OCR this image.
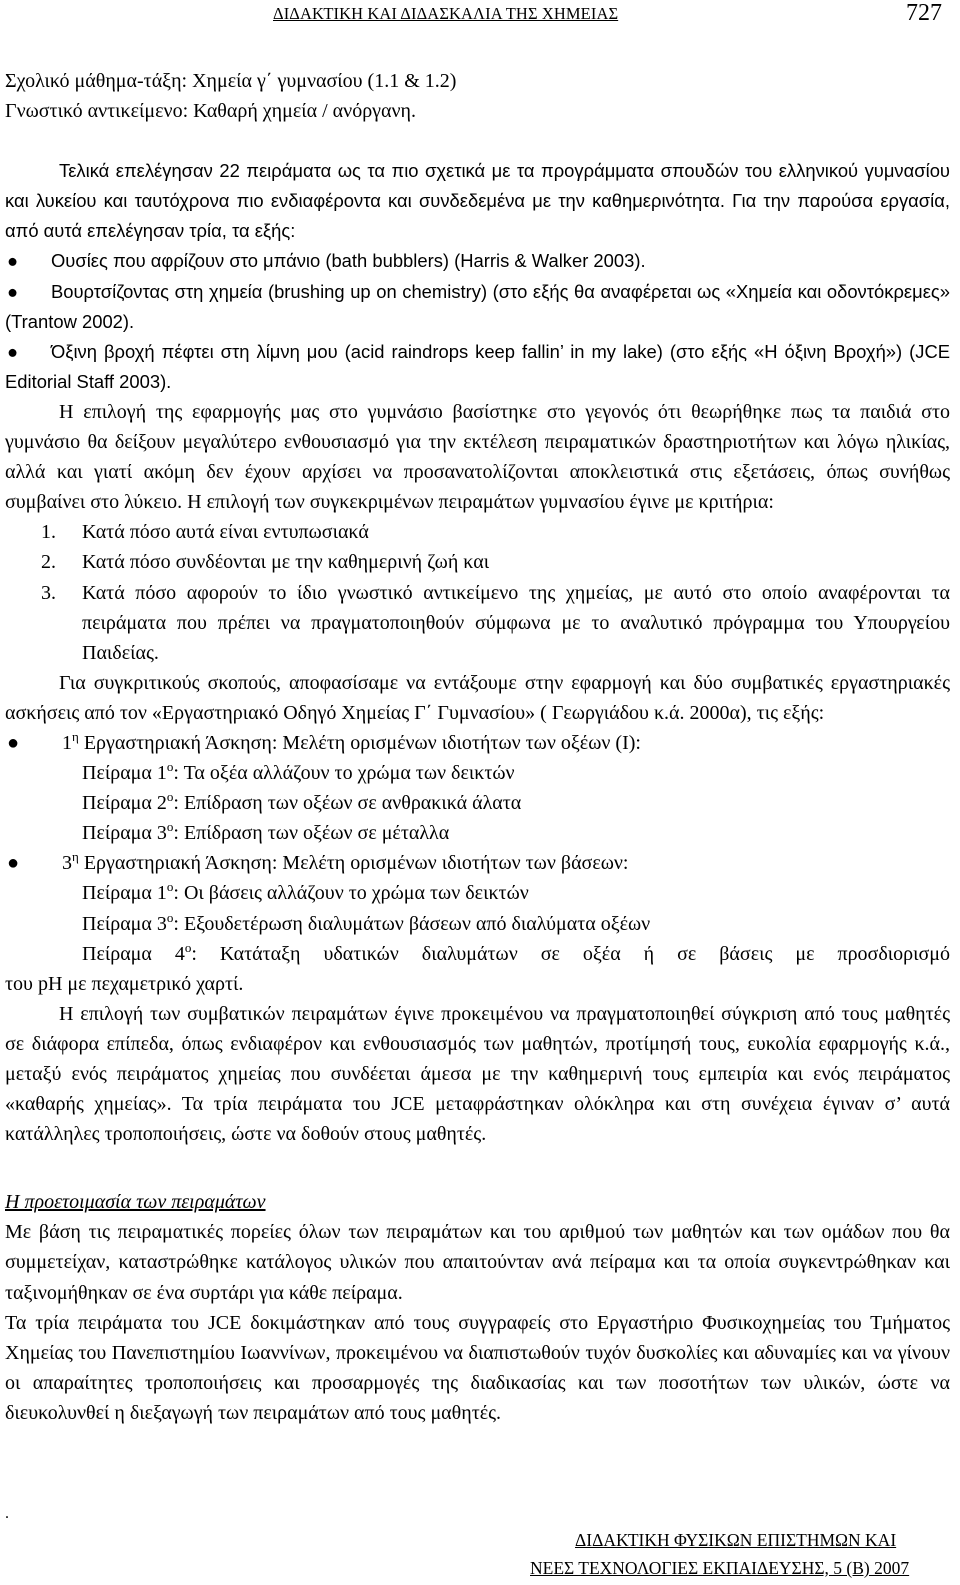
ΔΙΔΑΚΤΙΚΗ ΚΑΙ ΔΙΔΑΣΚΑΛΙΑ ΤΗΣ ΧΗΜΕΙΑΣ	727

Σχολικό μάθημα-τάξη: Χημεία γ΄ γυμνασίου (1.1 & 1.2)

Γνωστικό αντικείμενο: Καθαρή χημεία / ανόργανη.

Τελικά επελέγησαν 22 πειράματα ως τα πιο σχετικά με τα προγράμματα σπουδών του ελληνικού γυμνασίου και λυκείου και ταυτόχρονα πιο ενδιαφέροντα και συνδεδεμένα με την καθημερινότητα. Για την παρούσα εργασία, από αυτά επελέγησαν τρία, τα εξής:

● Ουσίες που αφρίζουν στο μπάνιο (bath bubblers) (Harris & Walker 2003).

●	Βουρτσίζοντας στη χημεία (brushing up on chemistry) (στο εξής θα αναφέρεται ως «Χημεία και οδοντόκρεμες» (Trantow 2002).

●	Όξινη βροχή πέφτει στη λίμνη μου (acid raindrops keep fallin’ in my lake) (στο εξής «Η όξινη Βροχή») (JCE Editorial Staff 2003).

Η επιλογή της εφαρμογής μας στο γυμνάσιο βασίστηκε στο γεγονός ότι θεωρήθηκε πως τα παιδιά στο γυμνάσιο θα δείξουν μεγαλύτερο ενθουσιασμό για την εκτέλεση πειραματικών δραστηριοτήτων και λόγω ηλικίας, αλλά και γιατί ακόμη δεν έχουν αρχίσει να προσανατολίζονται αποκλειστικά στις εξετάσεις, όπως συνήθως συμβαίνει στο λύκειο. Η επιλογή των συγκεκριμένων πειραμάτων γυμνασίου έγινε με κριτήρια:

1. Κατά πόσο αυτά είναι εντυπωσιακά

2. Κατά πόσο συνδέονται με την καθημερινή ζωή και

3. Κατά πόσο αφορούν το ίδιο γνωστικό αντικείμενο της χημείας, με αυτό στο οποίο αναφέρονται τα πειράματα που πρέπει να πραγματοποιηθούν σύμφωνα με το αναλυτικό πρόγραμμα του Υπουργείου Παιδείας.

Για συγκριτικούς σκοπούς, αποφασίσαμε να εντάξουμε στην εφαρμογή και δύο συμβατικές εργαστηριακές ασκήσεις από τον «Εργαστηριακό Οδηγό Χημείας Γ΄ Γυμνασίου» ( Γεωργιάδου κ.ά. 2000α), τις εξής:

● $1^\eta$ Εργαστηριακή Άσκηση: Μελέτη ορισμένων ιδιοτήτων των οξέων (Ι):

Πείραμα $1^o$: Τα οξέα αλλάζουν το χρώμα των δεικτών

Πείραμα $2^o$: Επίδραση των οξέων σε ανθρακικά άλατα

Πείραμα $3^o$: Επίδραση των οξέων σε μέταλλα

● $3^\eta$ Εργαστηριακή Άσκηση: Μελέτη ορισμένων ιδιοτήτων των βάσεων:

Πείραμα $1^o$: Οι βάσεις αλλάζουν το χρώμα των δεικτών

Πείραμα $3^o$: Εξουδετέρωση διαλυμάτων βάσεων από διαλύματα οξέων

Πείραμα $4^o$: Κατάταξη υδατικών διαλυμάτων σε οξέα ή σε βάσεις με προσδιορισμό

του pH με πεχαμετρικό χαρτί.

Η επιλογή των συμβατικών πειραμάτων έγινε προκειμένου να πραγματοποιηθεί σύγκριση από τους μαθητές σε διάφορα επίπεδα, όπως ενδιαφέρον και ενθουσιασμός των μαθητών, προτίμησή τους, ευκολία εφαρμογής κ.ά., μεταξύ ενός πειράματος χημείας που συνδέεται άμεσα με την καθημερινή τους εμπειρία και ενός πειράματος «καθαρής χημείας». Τα τρία πειράματα του JCE μεταφράστηκαν ολόκληρα και στη συνέχεια έγιναν σ’ αυτά κατάλληλες τροποποιήσεις, ώστε να δοθούν στους μαθητές.

Η προετοιμασία των πειραμάτων

Με βάση τις πειραματικές πορείες όλων των πειραμάτων και του αριθμού των μαθητών και των ομάδων που θα συμμετείχαν, καταστρώθηκε κατάλογος υλικών που απαιτούνταν ανά πείραμα και τα οποία συγκεντρώθηκαν και ταξινομήθηκαν σε ένα συρτάρι για κάθε πείραμα.

Τα τρία πειράματα του JCE δοκιμάστηκαν από τους συγγραφείς στο Εργαστήριο Φυσικοχημείας του Τμήματος Χημείας του Πανεπιστημίου Ιωαννίνων, προκειμένου να διαπιστωθούν τυχόν δυσκολίες και αδυναμίες και να γίνουν οι απαραίτητες τροποποιήσεις και προσαρμογές της διαδικασίας και των ποσοτήτων των υλικών, ώστε να διευκολυνθεί η διεξαγωγή των πειραμάτων από τους μαθητές.

.
ΔΙΔΑΚΤΙΚΗ ΦΥΣΙΚΩΝ ΕΠΙΣΤΗΜΩΝ ΚΑΙ
ΝΕΕΣ ΤΕΧΝΟΛΟΓΙΕΣ ΕΚΠΑΙΔΕΥΣΗΣ, 5 (Β) 2007
